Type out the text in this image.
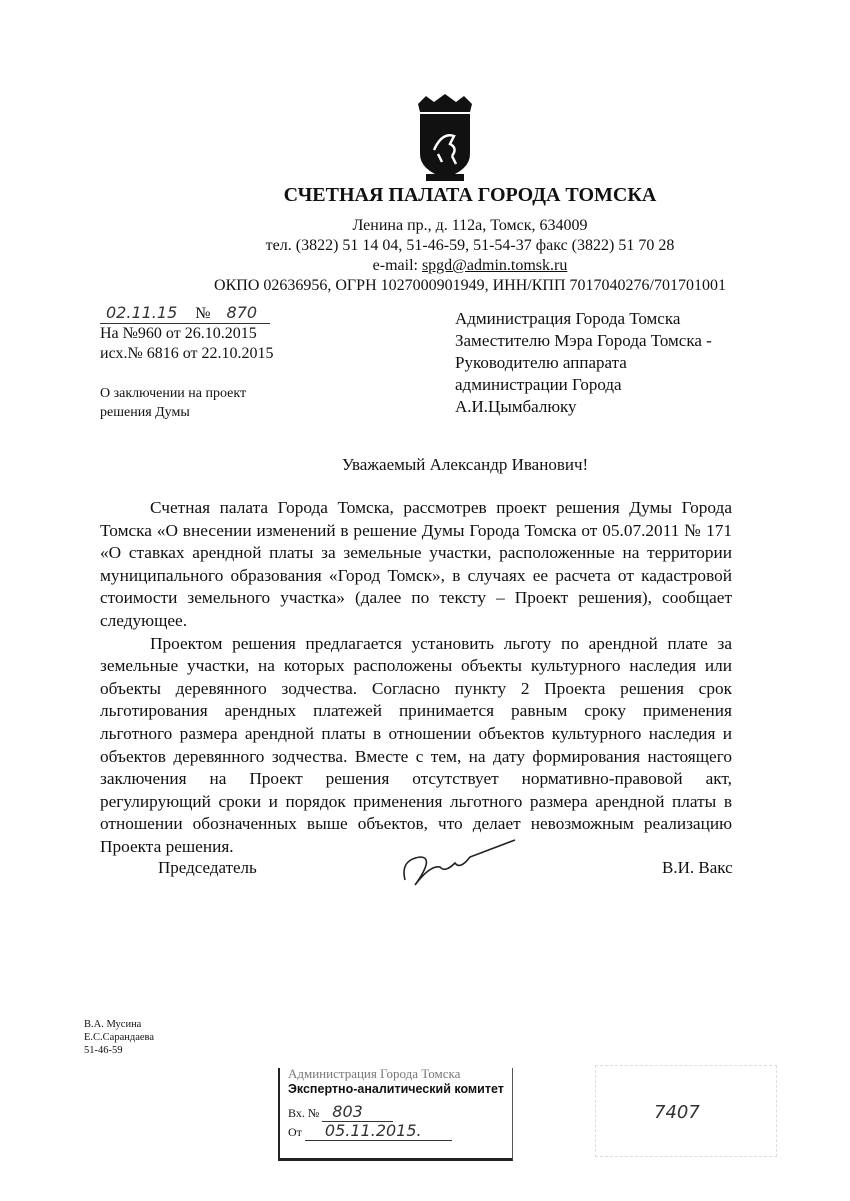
СЧЕТНАЯ ПАЛАТА ГОРОДА ТОМСКА
Ленина пр., д. 112а, Томск, 634009
тел. (3822) 51 14 04, 51-46-59, 51-54-37 факс (3822) 51 70 28
e-mail: spgd@admin.tomsk.ru
ОКПО 02636956, ОГРН 1027000901949, ИНН/КПП 7017040276/701701001
02.11.15 № 870
На №960 от 26.10.2015
исх.№ 6816 от 22.10.2015
О заключении на проект
решения Думы
Администрация Города Томска
Заместителю Мэра Города Томска -
Руководителю аппарата
администрации Города
А.И.Цымбалюку
Уважаемый Александр Иванович!

Счетная палата Города Томска, рассмотрев проект решения Думы Города Томска «О внесении изменений в решение Думы Города Томска от 05.07.2011 № 171 «О ставках арендной платы за земельные участки, расположенные на территории муниципального образования «Город Томск», в случаях ее расчета от кадастровой стоимости земельного участка» (далее по тексту – Проект решения), сообщает следующее.

Проектом решения предлагается установить льготу по арендной плате за земельные участки, на которых расположены объекты культурного наследия или объекты деревянного зодчества. Согласно пункту 2 Проекта решения срок льготирования арендных платежей принимается равным сроку применения льготного размера арендной платы в отношении объектов культурного наследия и объектов деревянного зодчества. Вместе с тем, на дату формирования настоящего заключения на Проект решения отсутствует нормативно-правовой акт, регулирующий сроки и порядок применения льготного размера арендной платы в отношении обозначенных выше объектов, что делает невозможным реализацию Проекта решения.

Председатель	В.И. Вакс
В.А. Мусина
Е.С.Сарандаева
51-46-59
Администрация Города Томска
Экспертно-аналитический комитет
Вх. № 803
От 05.11.2015.
7407
